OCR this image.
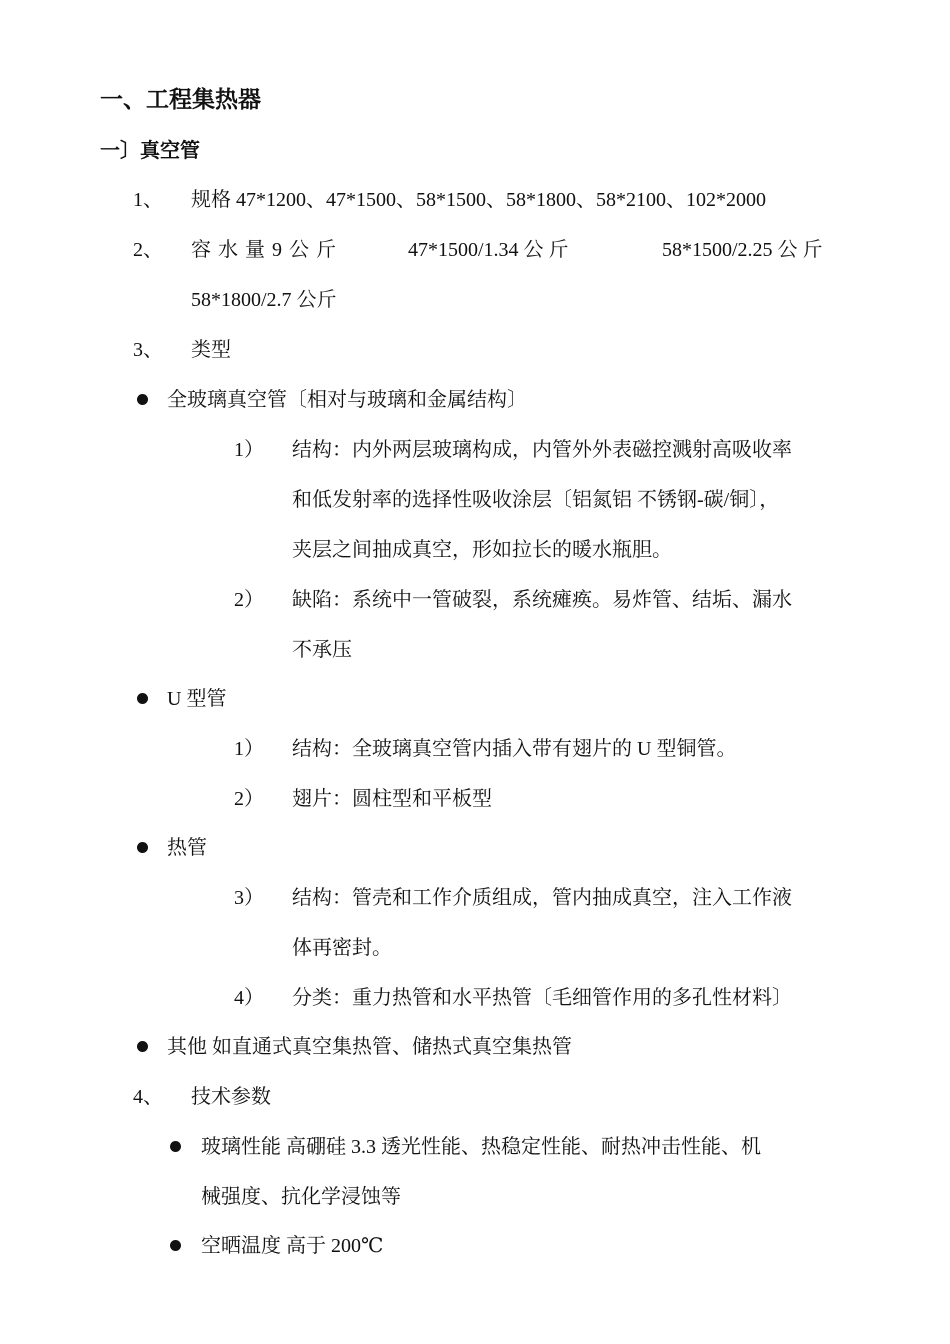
一、工程集热器
一〕真空管
1、 规格 47*1200、47*1500、58*1500、58*1800、58*2100、102*2000
2、 容 水 量 9 公 斤	47*1500/1.34 公 斤	58*1500/2.25 公 斤
58*1800/2.7 公斤
3、 类型
全玻璃真空管〔相对与玻璃和金属结构〕
1） 结构：内外两层玻璃构成，内管外外表磁控溅射高吸收率
和低发射率的选择性吸收涂层〔铝氮铝 不锈钢-碳/铜〕，
夹层之间抽成真空，形如拉长的暖水瓶胆。
2） 缺陷：系统中一管破裂，系统瘫痪。易炸管、结垢、漏水
不承压
U 型管
1） 结构：全玻璃真空管内插入带有翅片的 U 型铜管。
2） 翅片：圆柱型和平板型
热管
3） 结构：管壳和工作介质组成，管内抽成真空，注入工作液
体再密封。
4） 分类：重力热管和水平热管〔毛细管作用的多孔性材料〕
其他 如直通式真空集热管、储热式真空集热管
4、 技术参数
玻璃性能 高硼硅 3.3 透光性能、热稳定性能、耐热冲击性能、机
械强度、抗化学浸蚀等
空晒温度 高于 200℃
